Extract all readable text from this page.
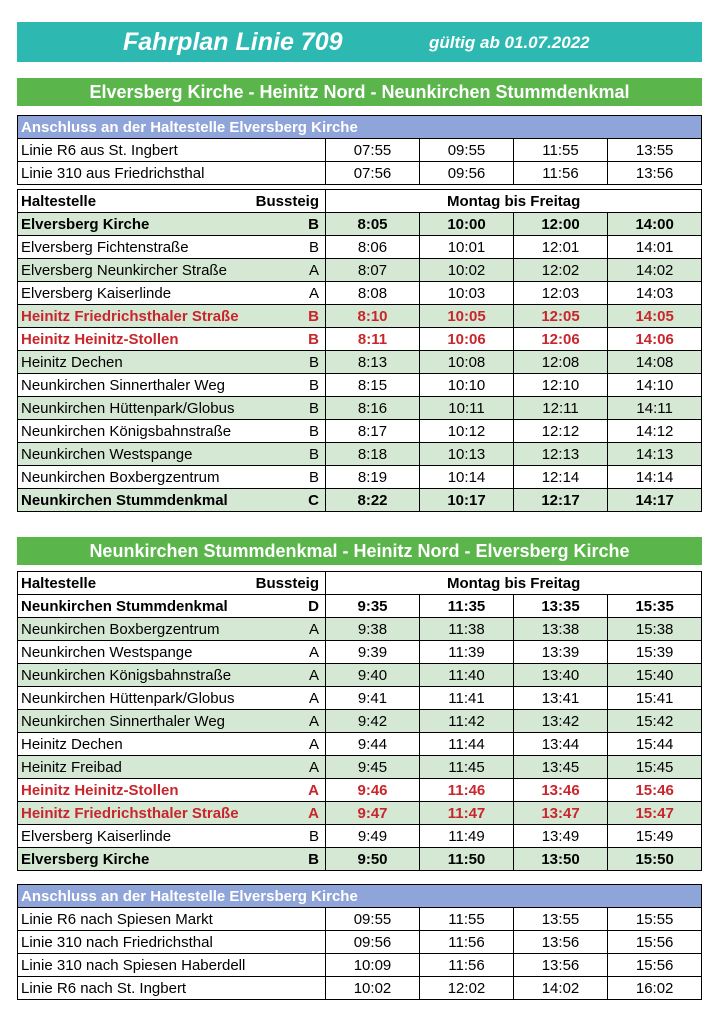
Fahrplan Linie 709	gültig ab 01.07.2022
Elversberg Kirche - Heinitz Nord - Neunkirchen Stummdenkmal
Anschluss an der Haltestelle Elversberg Kirche				
Linie R6 aus St. Ingbert	07:55	09:55	11:55	13:55
Linie 310 aus Friedrichsthal	07:56	09:56	11:56	13:56
Haltestelle	Bussteig	Montag bis Freitag			
Elversberg Kirche	B	8:05	10:00	12:00	14:00
Elversberg Fichtenstraße	B	8:06	10:01	12:01	14:01
Elversberg Neunkircher Straße	A	8:07	10:02	12:02	14:02
Elversberg Kaiserlinde	A	8:08	10:03	12:03	14:03
Heinitz Friedrichsthaler Straße	B	8:10	10:05	12:05	14:05
Heinitz Heinitz-Stollen	B	8:11	10:06	12:06	14:06
Heinitz Dechen	B	8:13	10:08	12:08	14:08
Neunkirchen Sinnerthaler Weg	B	8:15	10:10	12:10	14:10
Neunkirchen Hüttenpark/Globus	B	8:16	10:11	12:11	14:11
Neunkirchen Königsbahnstraße	B	8:17	10:12	12:12	14:12
Neunkirchen Westspange	B	8:18	10:13	12:13	14:13
Neunkirchen Boxbergzentrum	B	8:19	10:14	12:14	14:14
Neunkirchen Stummdenkmal	C	8:22	10:17	12:17	14:17
Neunkirchen Stummdenkmal - Heinitz Nord - Elversberg Kirche
Haltestelle	Bussteig	Montag bis Freitag			
Neunkirchen Stummdenkmal	D	9:35	11:35	13:35	15:35
Neunkirchen Boxbergzentrum	A	9:38	11:38	13:38	15:38
Neunkirchen Westspange	A	9:39	11:39	13:39	15:39
Neunkirchen Königsbahnstraße	A	9:40	11:40	13:40	15:40
Neunkirchen Hüttenpark/Globus	A	9:41	11:41	13:41	15:41
Neunkirchen Sinnerthaler Weg	A	9:42	11:42	13:42	15:42
Heinitz Dechen	A	9:44	11:44	13:44	15:44
Heinitz Freibad	A	9:45	11:45	13:45	15:45
Heinitz Heinitz-Stollen	A	9:46	11:46	13:46	15:46
Heinitz Friedrichsthaler Straße	A	9:47	11:47	13:47	15:47
Elversberg Kaiserlinde	B	9:49	11:49	13:49	15:49
Elversberg Kirche	B	9:50	11:50	13:50	15:50
Anschluss an der Haltestelle Elversberg Kirche				
Linie R6 nach Spiesen Markt	09:55	11:55	13:55	15:55
Linie 310 nach Friedrichsthal	09:56	11:56	13:56	15:56
Linie 310 nach Spiesen Haberdell	10:09	11:56	13:56	15:56
Linie R6 nach St. Ingbert	10:02	12:02	14:02	16:02
